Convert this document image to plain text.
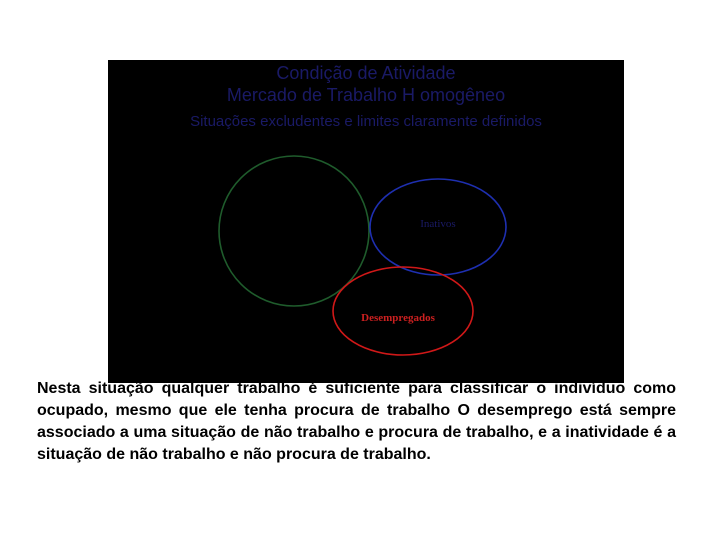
Condição de Atividade
Mercado de Trabalho H omogêneo
Situações excludentes e limites claramente definidos
Inativos
Desempregados

Nesta situação qualquer trabalho é suficiente para classificar o indivíduo como ocupado, mesmo que ele tenha procura de trabalho O desemprego está sempre associado a uma situação de não trabalho e procura de trabalho, e a inatividade é a situação de não trabalho e não procura de trabalho.
